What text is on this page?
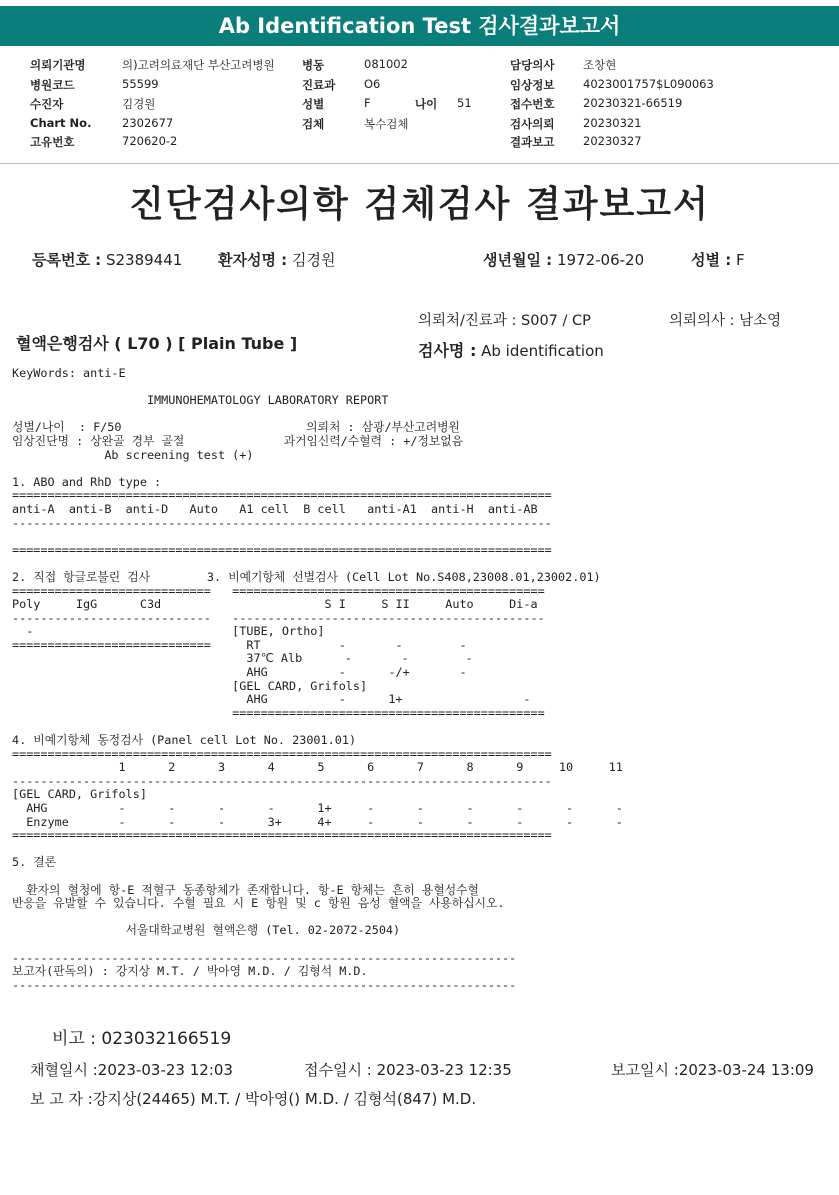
Ab Identification Test 검사결과보고서
의뢰기관명	의)고려의료재단 부산고려병원 병동	081002	담당의사 조창현
병원코드	55599	진료과 O6	임상정보 4023001757$L090063
수진자	김경원	성별	F	나이 51	접수번호 20230321-66519
Chart No.	2302677	검체	복수검체	검사의뢰 20230321
고유번호	720620-2	결과보고 20230327
진단검사의학 검체검사 결과보고서
등록번호 : S2389441 환자성명 : 김경원	생년월일 : 1972-06-20	성별 : F
의뢰처/진료과 : S007 / CP	의뢰의사 : 남소영
혈액은행검사 ( L70 ) [ Plain Tube ]	검사명 : Ab identification
KeyWords: anti-E

IMMUNOHEMATOLOGY LABORATORY REPORT

성별/나이  : F/50                          의뢰처 : 삼광/부산고려병원
임상진단명 : 상완골 경부 골절              과거임신력/수혈력 : +/정보없음
Ab screening test (+)

1. ABO and RhD type :
============================================================================
anti-A  anti-B  anti-D   Auto   A1 cell  B cell   anti-A1  anti-H  anti-AB
----------------------------------------------------------------------------

============================================================================

2. 직접 항글로불린 검사        3. 비예기항체 선별검사 (Cell Lot No.S408,23008.01,23002.01)
============================   ============================================
Poly     IgG      C3d                       S I     S II     Auto     Di-a
----------------------------   --------------------------------------------
-                            [TUBE, Ortho]
============================     RT           -       -        -
37℃ Alb      -       -        -
AHG          -      -/+       -
[GEL CARD, Grifols]
AHG          -      1+                 -
============================================

4. 비예기항체 동정검사 (Panel cell Lot No. 23001.01)
============================================================================
1      2      3      4      5      6      7      8      9     10     11
----------------------------------------------------------------------------
[GEL CARD, Grifols]
AHG          -      -      -      -      1+     -      -      -      -      -      -
Enzyme       -      -      -      3+     4+     -      -      -      -      -      -
============================================================================

5. 결론

환자의 혈청에 항-E 적혈구 동종항체가 존재합니다. 항-E 항체는 흔히 용혈성수혈
반응을 유발할 수 있습니다. 수혈 필요 시 E 항원 및 c 항원 음성 혈액을 사용하십시오.

서울대학교병원 혈액은행 (Tel. 02-2072-2504)

-----------------------------------------------------------------------
보고자(판독의) : 강지상 M.T. / 박아영 M.D. / 김형석 M.D.
-----------------------------------------------------------------------
비고 : 023032166519
채혈일시 :2023-03-23 12:03	접수일시 : 2023-03-23 12:35	보고일시 :2023-03-24 13:09
보 고 자 :강지상(24465) M.T. / 박아영() M.D. / 김형석(847) M.D.
